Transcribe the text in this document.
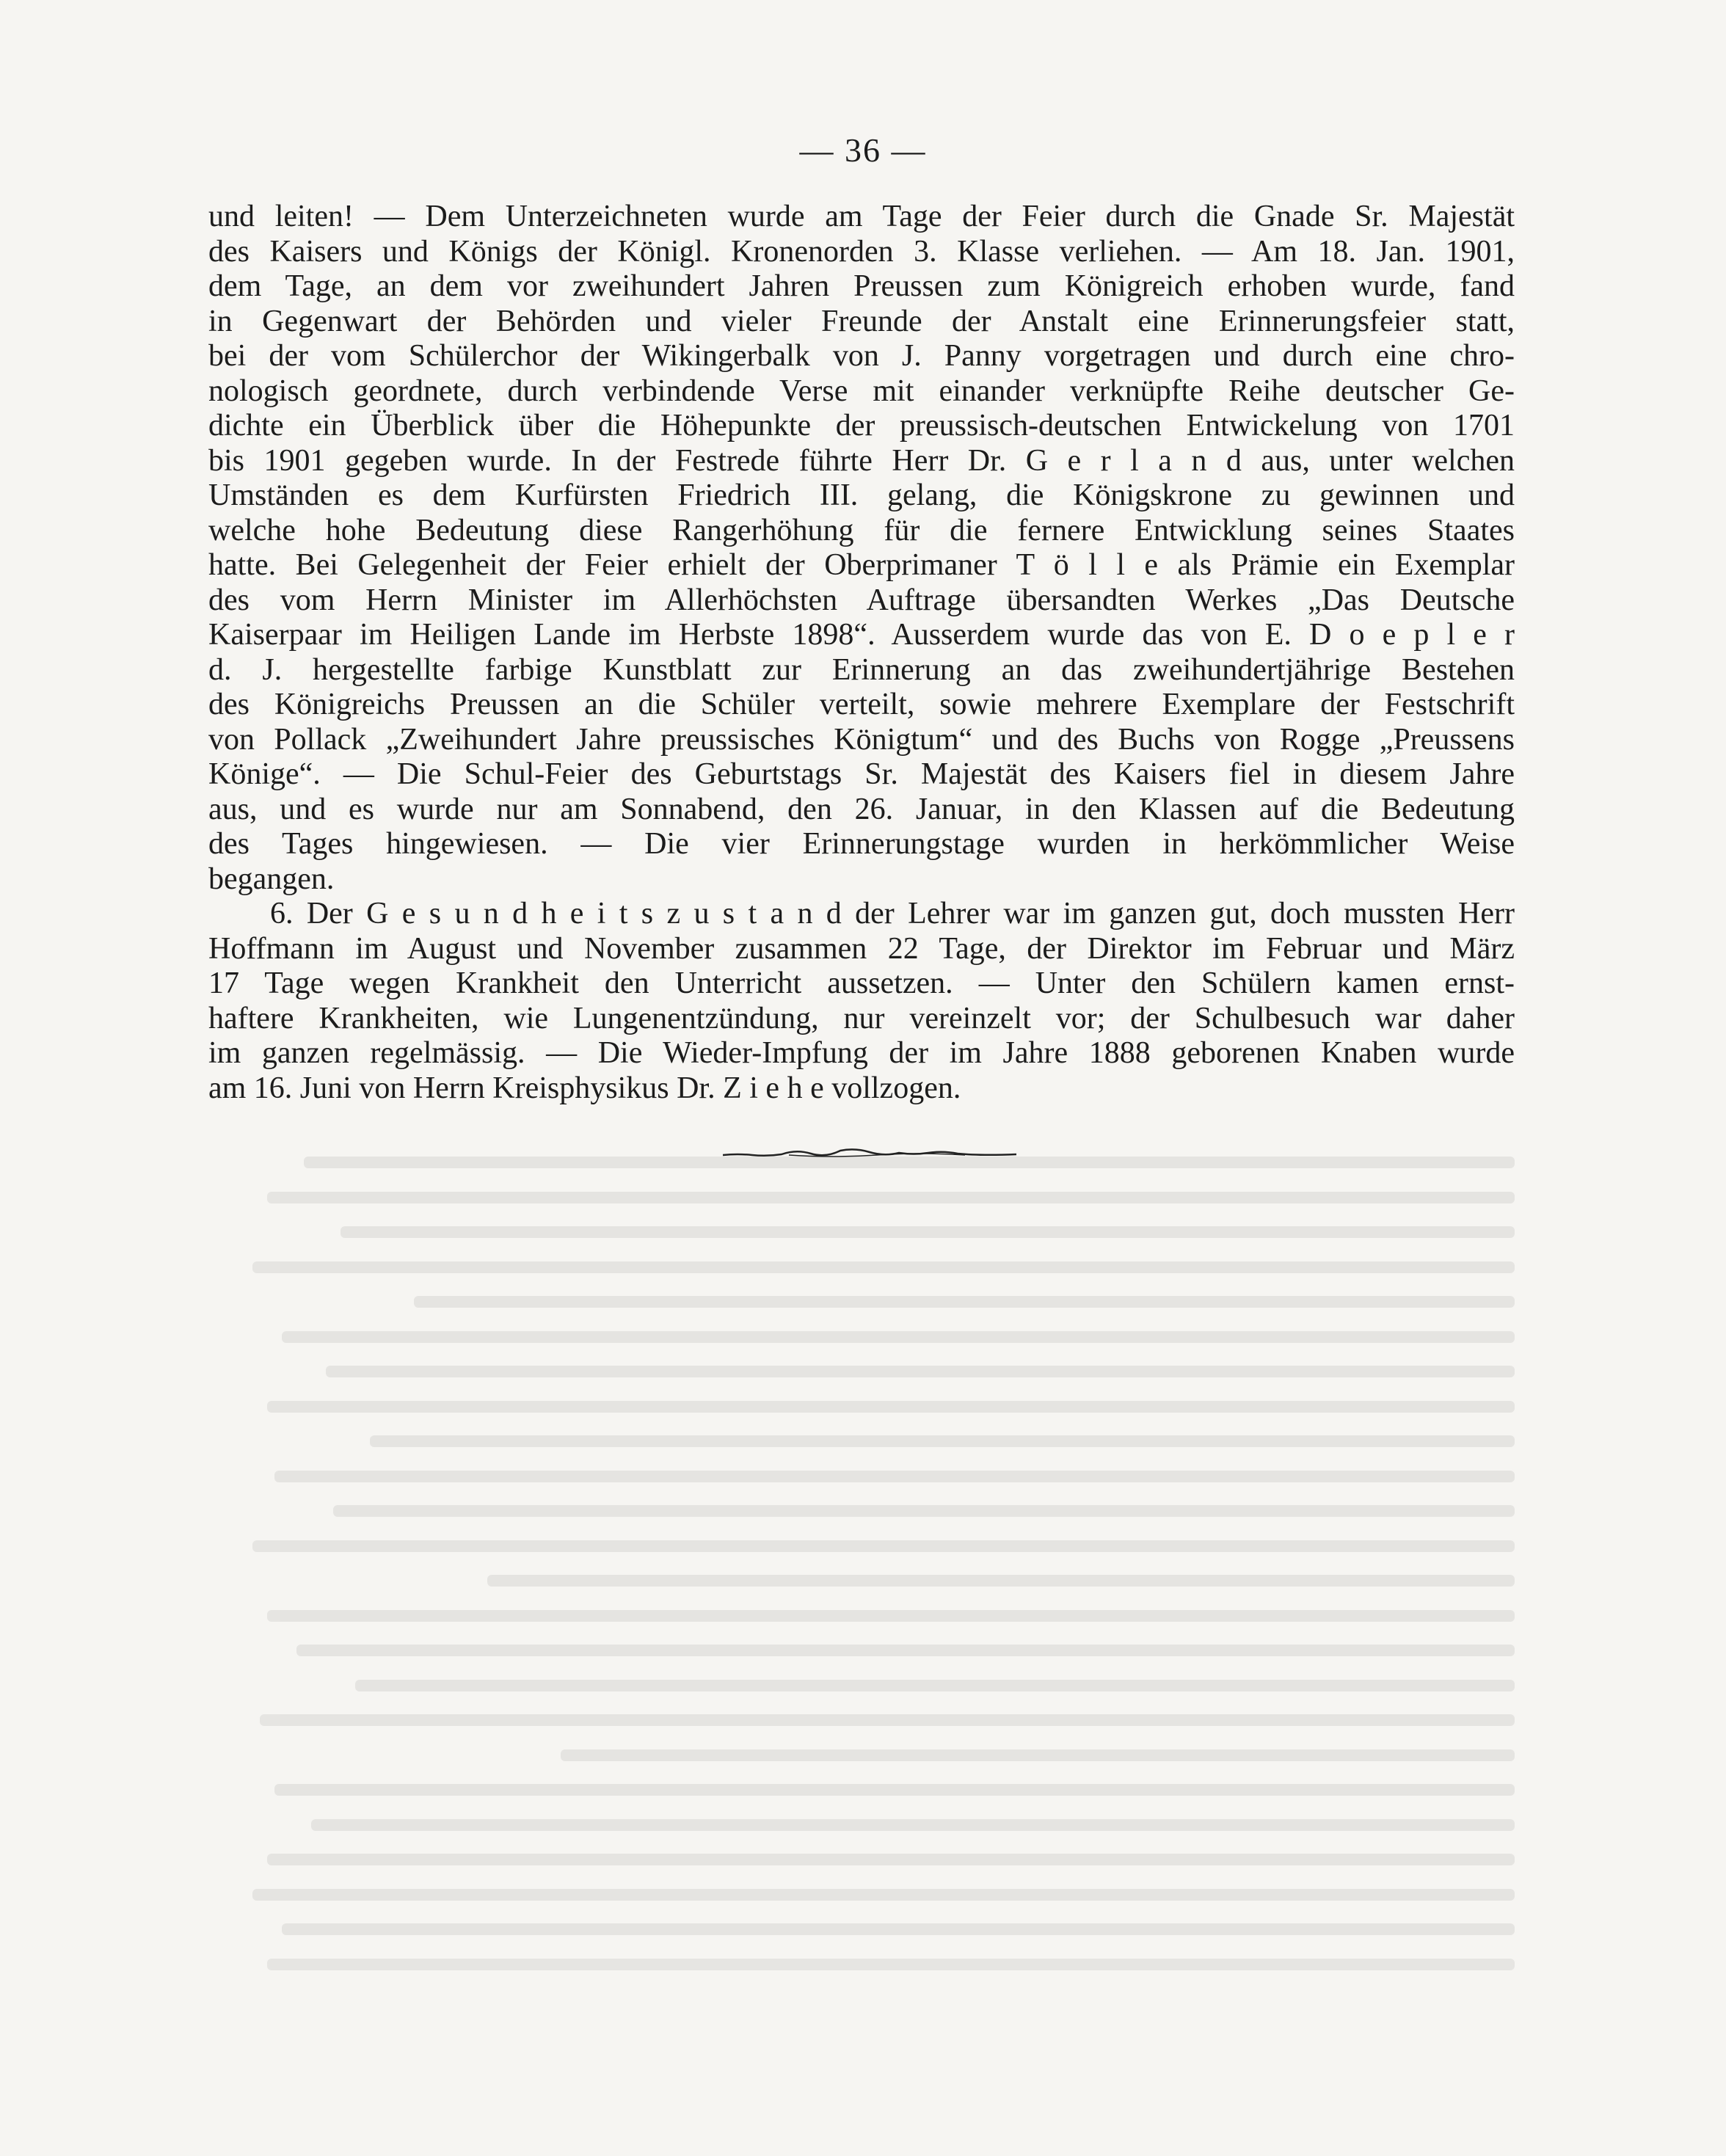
— 36 —
und leiten! — Dem Unterzeichneten wurde am Tage der Feier durch die Gnade Sr. Majestät
des Kaisers und Königs der Königl. Kronenorden 3. Klasse verliehen. — Am 18. Jan. 1901,
dem Tage, an dem vor zweihundert Jahren Preussen zum Königreich erhoben wurde, fand
in Gegenwart der Behörden und vieler Freunde der Anstalt eine Erinnerungsfeier statt,
bei der vom Schülerchor der Wikingerbalk von J. Panny vorgetragen und durch eine chro-
nologisch geordnete, durch verbindende Verse mit einander verknüpfte Reihe deutscher Ge-
dichte ein Überblick über die Höhepunkte der preussisch-deutschen Entwickelung von 1701
bis 1901 gegeben wurde. In der Festrede führte Herr Dr. G e r l a n d aus, unter welchen
Umständen es dem Kurfürsten Friedrich III. gelang, die Königskrone zu gewinnen und
welche hohe Bedeutung diese Rangerhöhung für die fernere Entwicklung seines Staates
hatte. Bei Gelegenheit der Feier erhielt der Oberprimaner T ö l l e als Prämie ein Exemplar
des vom Herrn Minister im Allerhöchsten Auftrage übersandten Werkes „Das Deutsche
Kaiserpaar im Heiligen Lande im Herbste 1898“. Ausserdem wurde das von E. D o e p l e r
d. J. hergestellte farbige Kunstblatt zur Erinnerung an das zweihundertjährige Bestehen
des Königreichs Preussen an die Schüler verteilt, sowie mehrere Exemplare der Festschrift
von Pollack „Zweihundert Jahre preussisches Königtum“ und des Buchs von Rogge „Preussens
Könige“. — Die Schul-Feier des Geburtstags Sr. Majestät des Kaisers fiel in diesem Jahre
aus, und es wurde nur am Sonnabend, den 26. Januar, in den Klassen auf die Bedeutung
des Tages hingewiesen. — Die vier Erinnerungstage wurden in herkömmlicher Weise
begangen.
6. Der G e s u n d h e i t s z u s t a n d der Lehrer war im ganzen gut, doch mussten Herr
Hoffmann im August und November zusammen 22 Tage, der Direktor im Februar und März
17 Tage wegen Krankheit den Unterricht aussetzen. — Unter den Schülern kamen ernst-
haftere Krankheiten, wie Lungenentzündung, nur vereinzelt vor; der Schulbesuch war daher
im ganzen regelmässig. — Die Wieder-Impfung der im Jahre 1888 geborenen Knaben wurde
am 16. Juni von Herrn Kreisphysikus Dr. Z i e h e vollzogen.
